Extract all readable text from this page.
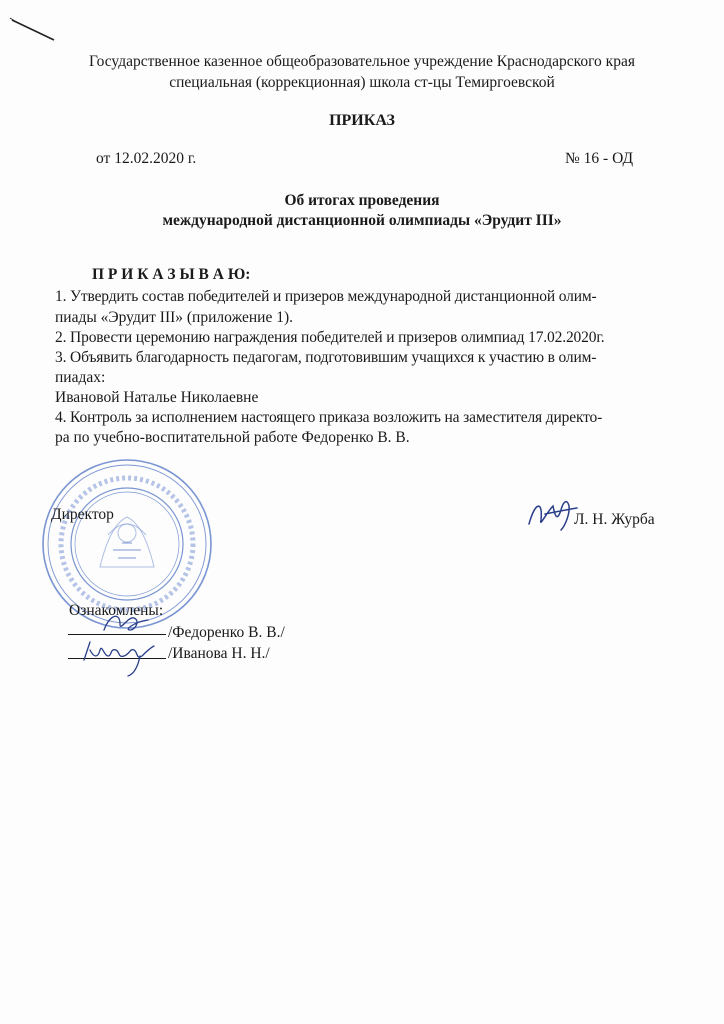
Государственное казенное общеобразовательное учреждение Краснодарского края
специальная (коррекционная) школа ст-цы Темиргоевской
ПРИКАЗ
от 12.02.2020 г.	№ 16 - ОД
Об итогах проведения
международной дистанционной олимпиады «Эрудит III»
П Р И К А З Ы В А Ю:
1. Утвердить состав победителей и призеров международной дистанционной олим-
пиады «Эрудит III» (приложение 1).
2. Провести церемонию награждения победителей и призеров олимпиад 17.02.2020г.
3. Объявить благодарность педагогам, подготовившим учащихся к участию в олим-
пиадах:
Ивановой Наталье Николаевне
4. Контроль за исполнением настоящего приказа возложить на заместителя директо-
ра по учебно-воспитательной работе Федоренко В. В.
Директор	Л. Н. Журба
Ознакомлены:
/Федоренко В. В./
/Иванова Н. Н./
